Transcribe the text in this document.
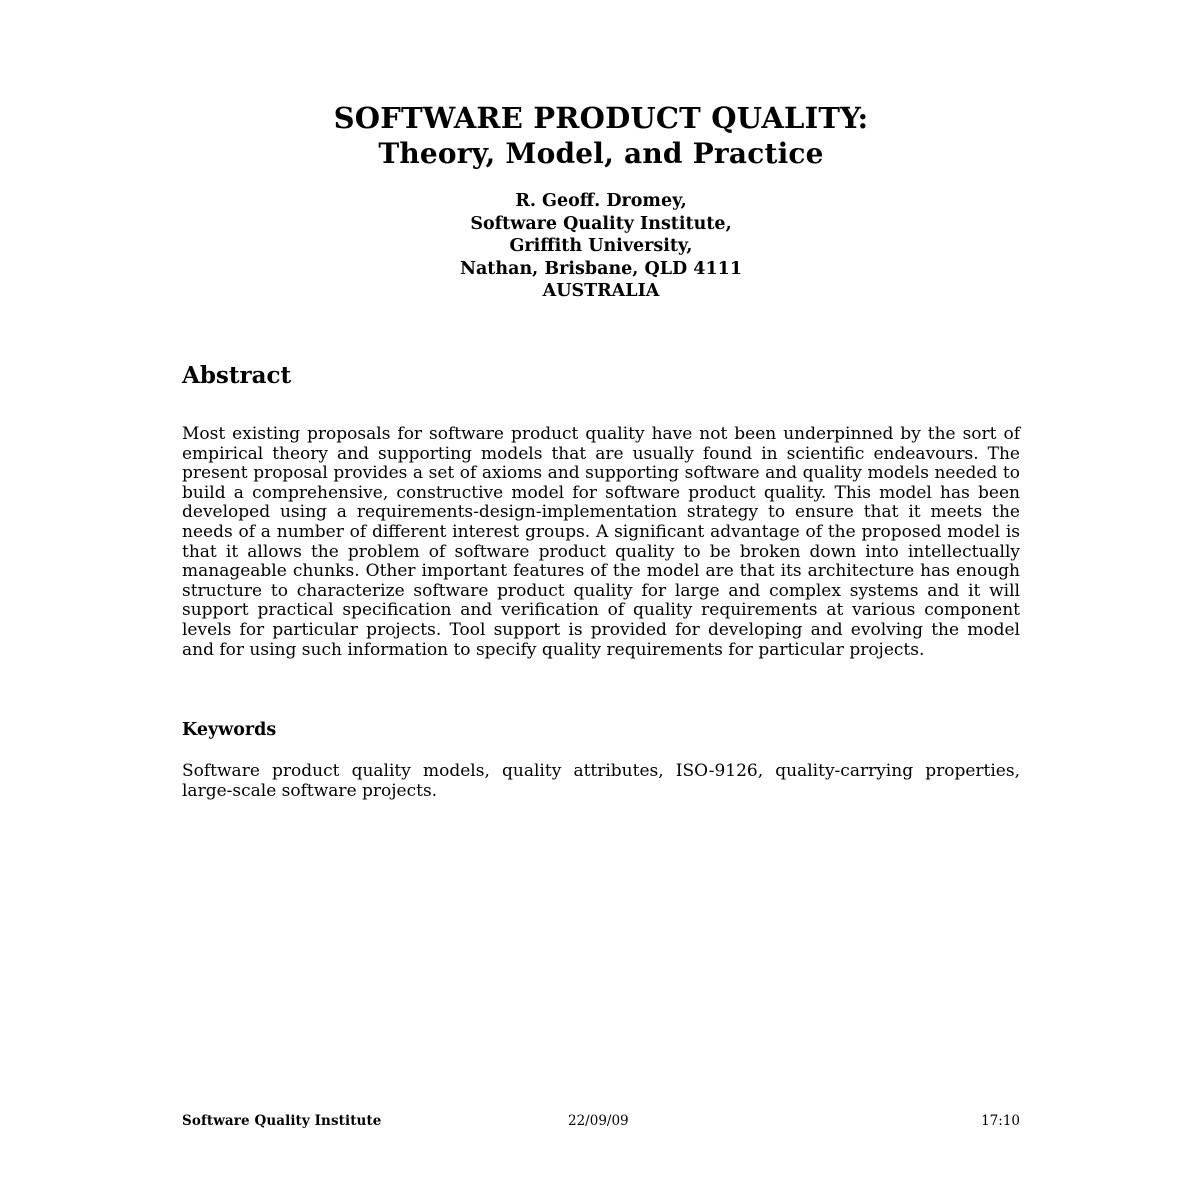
SOFTWARE PRODUCT QUALITY:
Theory, Model, and Practice
R. Geoff. Dromey,
Software Quality Institute,
Griffith University,
Nathan, Brisbane, QLD 4111
AUSTRALIA
Abstract
Most existing proposals for software product quality have not been underpinned by the sort of empirical theory and supporting models that are usually found in scientific endeavours. The present proposal provides a set of axioms and supporting software and quality models needed to build a comprehensive, constructive model for software product quality. This model has been developed using a requirements-design-implementation strategy to ensure that it meets the needs of a number of different interest groups. A significant advantage of the proposed model is that it allows the problem of software product quality to be broken down into intellectually manageable chunks. Other important features of the model are that its architecture has enough structure to characterize software product quality for large and complex systems and it will support practical specification and verification of quality requirements at various component levels for particular projects. Tool support is provided for developing and evolving the model and for using such information to specify quality requirements for particular projects.
Keywords
Software product quality models, quality attributes, ISO-9126, quality-carrying properties, large-scale software projects.
Software Quality Institute	22/09/09	17:10
